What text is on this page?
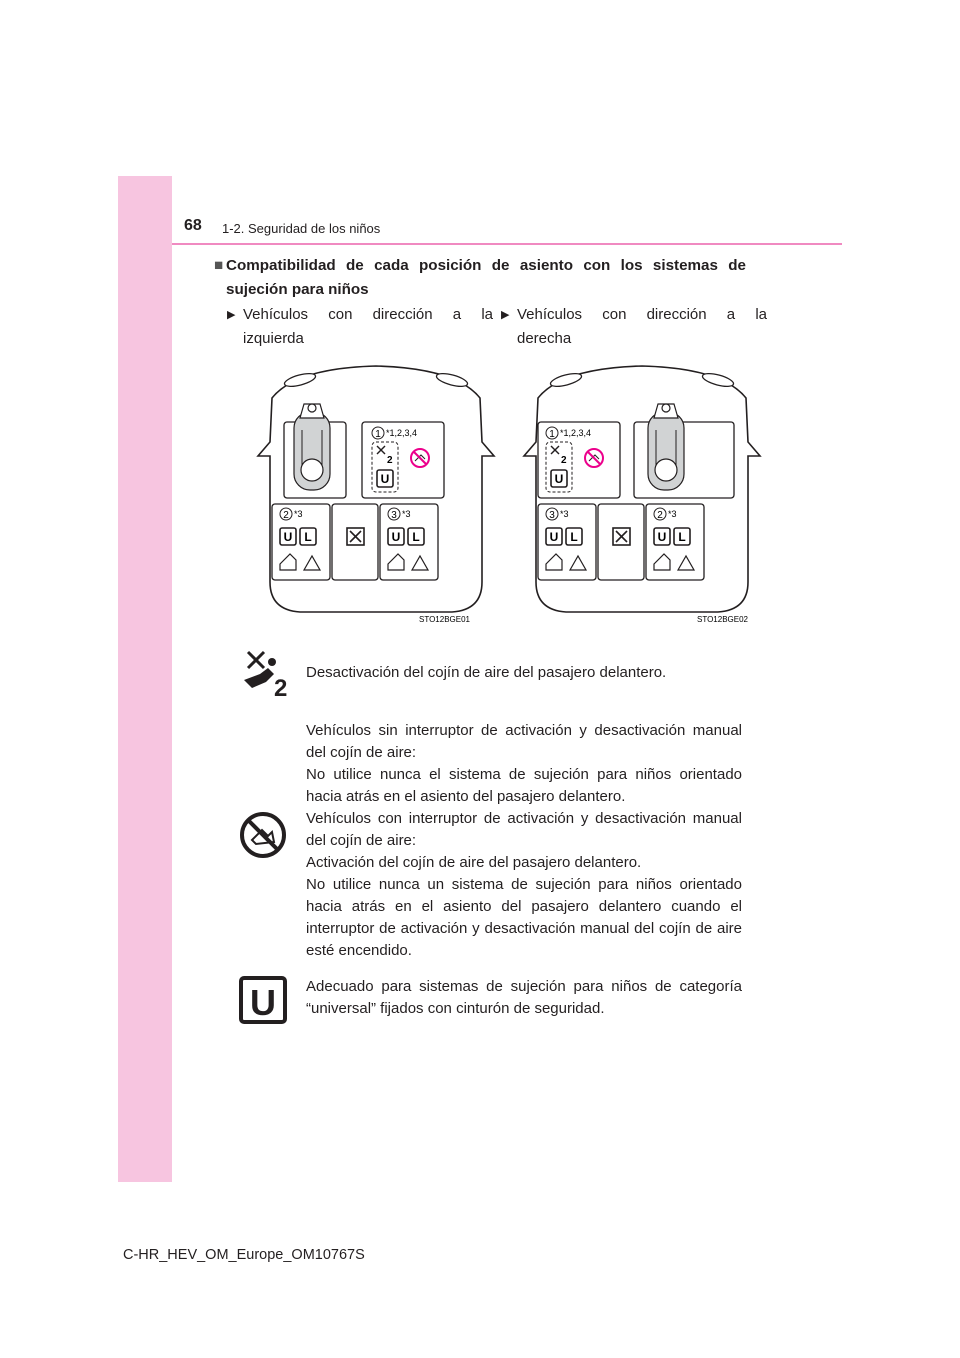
68 1-2. Seguridad de los niños
■ Compatibilidad de cada posición de asiento con los sistemas de sujeción para niños
▶ Vehículos con dirección a la
izquierda
▶ Vehículos con dirección a la
derecha
1 *1,2,3,4
2
U
2 *3
U L
3 *3
U L
STO12BGE01
1 *1,2,3,4
2
U
3 *3
U L
2 *3
U L
STO12BGE02
2

Desactivación del cojín de aire del pasajero delantero.

Vehículos sin interruptor de activación y desactivación manual del cojín de aire:

No utilice nunca el sistema de sujeción para niños orientado hacia atrás en el asiento del pasajero delantero.

Vehículos con interruptor de activación y desactivación manual del cojín de aire:

Activación del cojín de aire del pasajero delantero.

No utilice nunca un sistema de sujeción para niños orientado hacia atrás en el asiento del pasajero delantero cuando el interruptor de activación y desactivación manual del cojín de aire esté encendido.

U Adecuado para sistemas de sujeción para niños de categoría “universal” fijados con cinturón de seguridad.

C-HR_HEV_OM_Europe_OM10767S
